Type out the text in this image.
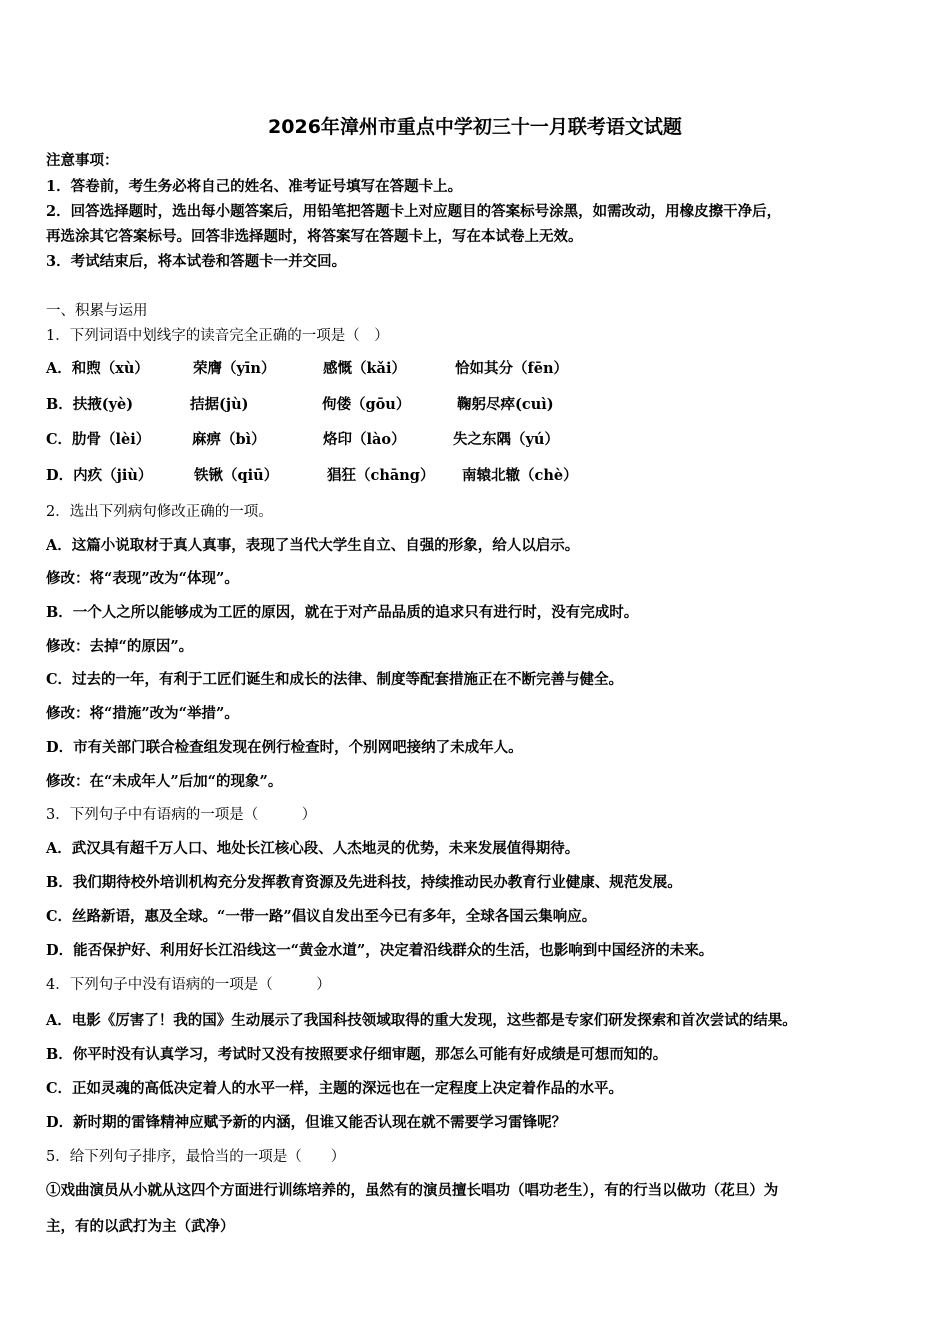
2026年漳州市重点中学初三十一月联考语文试题
注意事项：
1．答卷前，考生务必将自己的姓名、准考证号填写在答题卡上。
2．回答选择题时，选出每小题答案后，用铅笔把答题卡上对应题目的答案标号涂黑，如需改动，用橡皮擦干净后，
再选涂其它答案标号。回答非选择题时，将答案写在答题卡上，写在本试卷上无效。
3．考试结束后，将本试卷和答题卡一并交回。
一、积累与运用
1．下列词语中划线字的读音完全正确的一项是（　）
A．和煦（xù）	荣膺（yīn）	感慨（kǎi）	恰如其分（fēn）
B．扶掖(yè)	拮据(jù)	佝偻（gōu）	鞠躬尽瘁(cuì)
C．肋骨（lèi）	麻痹（bì）	烙印（lào）	失之东隅（yú）
D．内疚（jiù）	铁锹（qiū）	猖狂（chāng） 南辕北辙（chè）
2．选出下列病句修改正确的一项。
A．这篇小说取材于真人真事，表现了当代大学生自立、自强的形象，给人以启示。
修改：将“表现”改为“体现”。
B．一个人之所以能够成为工匠的原因，就在于对产品品质的追求只有进行时，没有完成时。
修改：去掉“的原因”。
C．过去的一年，有利于工匠们诞生和成长的法律、制度等配套措施正在不断完善与健全。
修改：将“措施”改为“举措”。
D．市有关部门联合检查组发现在例行检查时，个别网吧接纳了未成年人。
修改：在“未成年人”后加“的现象”。
3．下列句子中有语病的一项是（　　　）
A．武汉具有超千万人口、地处长江核心段、人杰地灵的优势，未来发展值得期待。
B．我们期待校外培训机构充分发挥教育资源及先进科技，持续推动民办教育行业健康、规范发展。
C．丝路新语，惠及全球。“一带一路”倡议自发出至今已有多年，全球各国云集响应。
D．能否保护好、利用好长江沿线这一“黄金水道”，决定着沿线群众的生活，也影响到中国经济的未来。
4．下列句子中没有语病的一项是（　　　）
A．电影《厉害了！我的国》生动展示了我国科技领域取得的重大发现，这些都是专家们研发探索和首次尝试的结果。
B．你平时没有认真学习，考试时又没有按照要求仔细审题，那怎么可能有好成绩是可想而知的。
C．正如灵魂的高低决定着人的水平一样，主题的深远也在一定程度上决定着作品的水平。
D．新时期的雷锋精神应赋予新的内涵，但谁又能否认现在就不需要学习雷锋呢？
5．给下列句子排序，最恰当的一项是（　　）
①戏曲演员从小就从这四个方面进行训练培养的，虽然有的演员擅长唱功（唱功老生），有的行当以做功（花旦）为
主，有的以武打为主（武净）
